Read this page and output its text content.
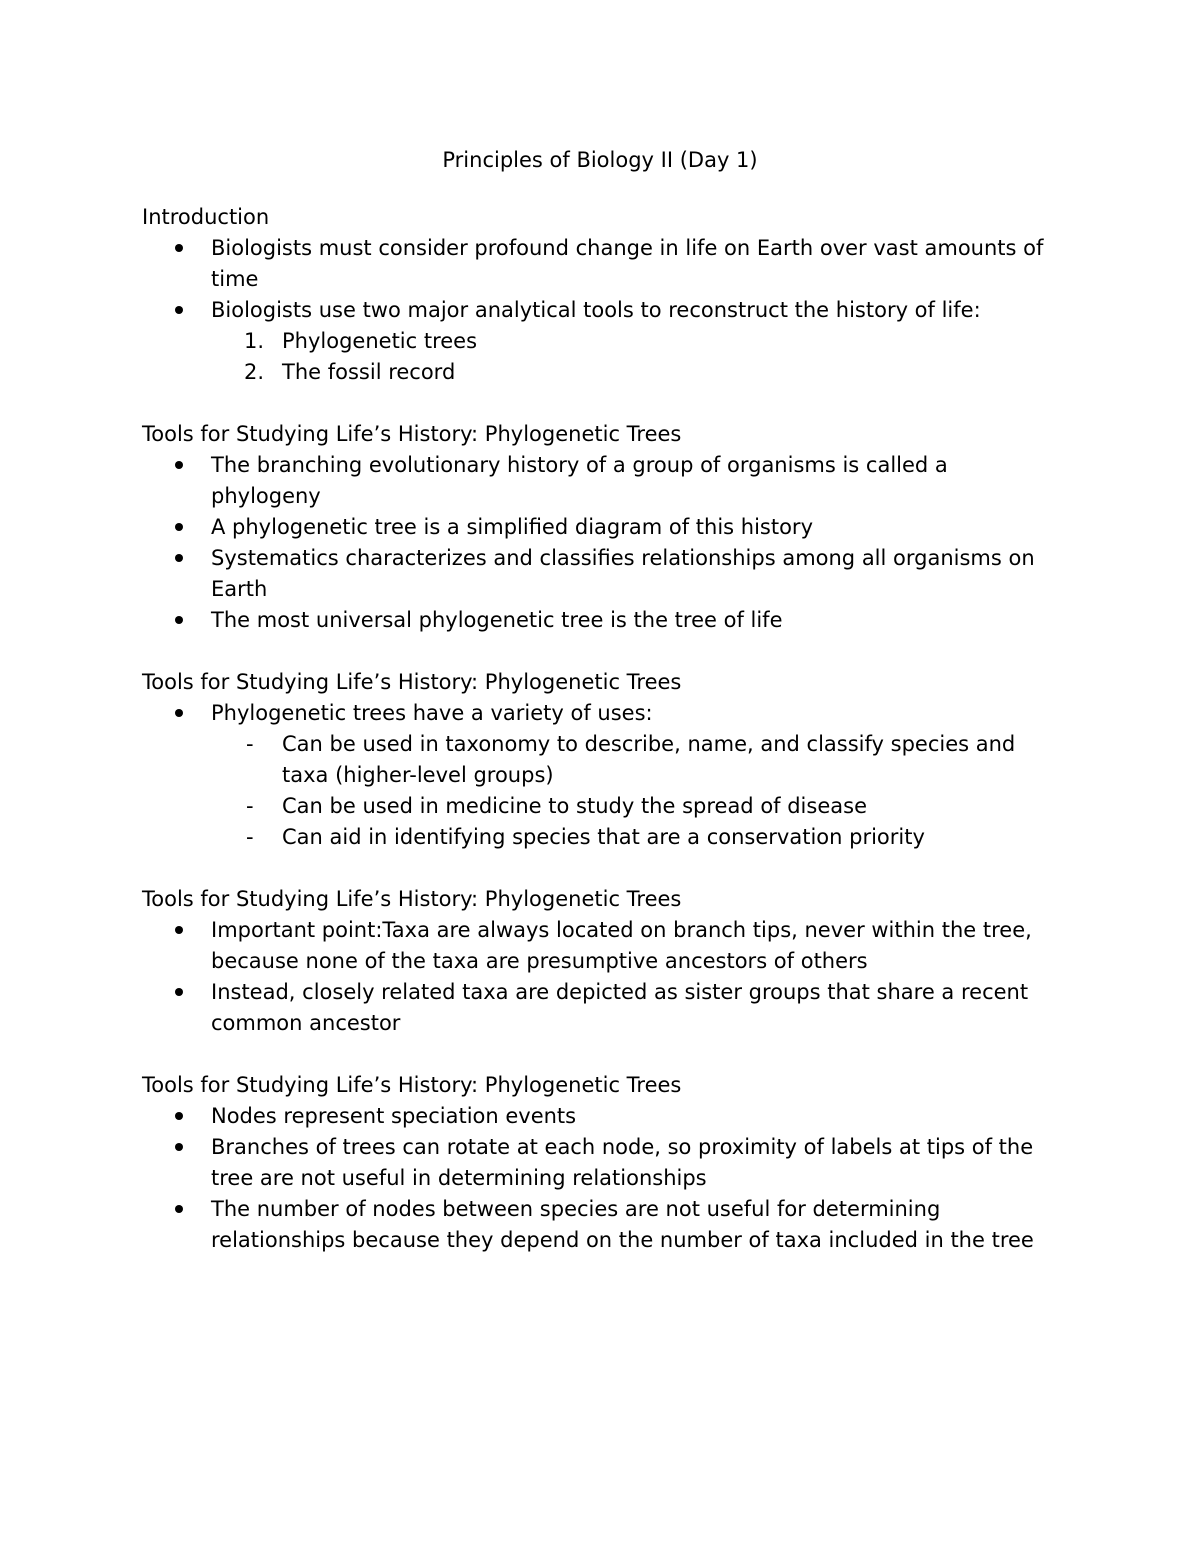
Principles of Biology II (Day 1)
Introduction
Biologists must consider profound change in life on Earth over vast amounts of time
Biologists use two major analytical tools to reconstruct the history of life:
1. Phylogenetic trees
2. The fossil record
Tools for Studying Life’s History: Phylogenetic Trees
The branching evolutionary history of a group of organisms is called a phylogeny
A phylogenetic tree is a simplified diagram of this history
Systematics characterizes and classifies relationships among all organisms on Earth
The most universal phylogenetic tree is the tree of life
Tools for Studying Life’s History: Phylogenetic Trees
Phylogenetic trees have a variety of uses:
- Can be used in taxonomy to describe, name, and classify species and taxa (higher-level groups)
- Can be used in medicine to study the spread of disease
- Can aid in identifying species that are a conservation priority
Tools for Studying Life’s History: Phylogenetic Trees
Important point:Taxa are always located on branch tips, never within the tree, because none of the taxa are presumptive ancestors of others
Instead, closely related taxa are depicted as sister groups that share a recent common ancestor
Tools for Studying Life’s History: Phylogenetic Trees
Nodes represent speciation events
Branches of trees can rotate at each node, so proximity of labels at tips of the tree are not useful in determining relationships
The number of nodes between species are not useful for determining relationships because they depend on the number of taxa included in the tree
